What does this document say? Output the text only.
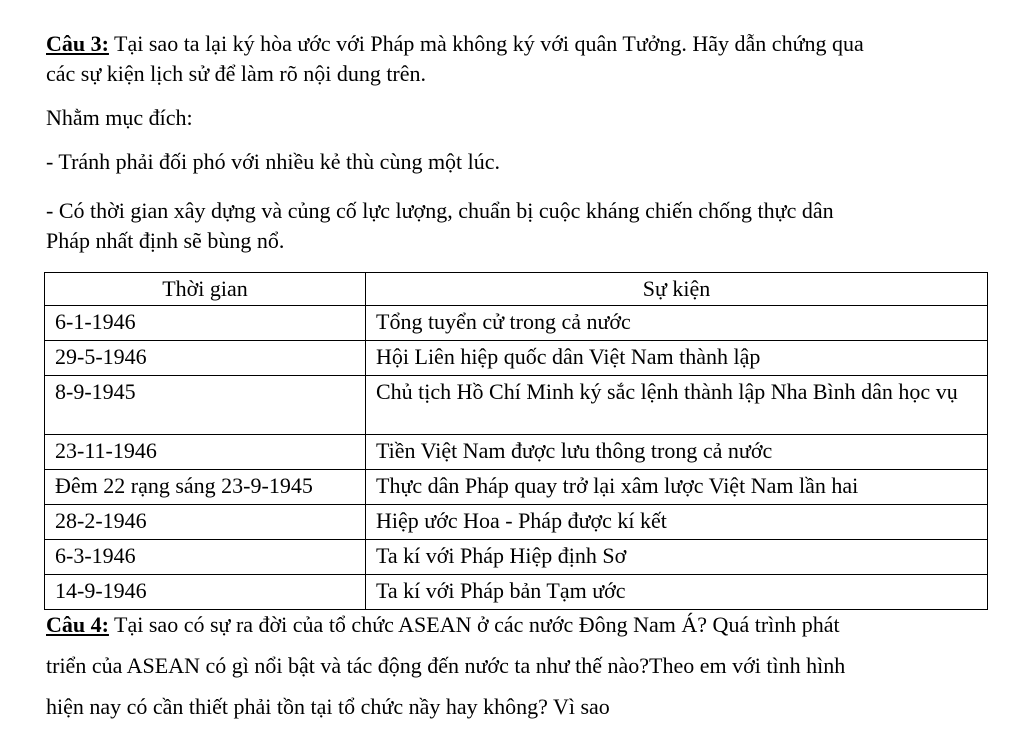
Câu 3: Tại sao ta lại ký hòa ước với Pháp mà không ký với quân Tưởng. Hãy dẫn chứng qua
các sự kiện lịch sử để làm rõ nội dung trên.
Nhằm mục đích:
- Tránh phải đối phó với nhiều kẻ thù cùng một lúc.
- Có thời gian xây dựng và củng cố lực lượng, chuẩn bị cuộc kháng chiến chống thực dân
Pháp nhất định sẽ bùng nổ.
Thời gian	Sự kiện
6-1-1946	Tổng tuyển cử trong cả nước
29-5-1946	Hội Liên hiệp quốc dân Việt Nam thành lập
8-9-1945	Chủ tịch Hồ Chí Minh ký sắc lệnh thành lập Nha Bình dân học vụ
23-11-1946	Tiền Việt Nam được lưu thông trong cả nước
Đêm 22 rạng sáng 23-9-1945	Thực dân Pháp quay trở lại xâm lược Việt Nam lần hai
28-2-1946	Hiệp ước Hoa - Pháp được kí kết
6-3-1946	Ta kí với Pháp Hiệp định Sơ
14-9-1946	Ta kí với Pháp bản Tạm ước
Câu 4: Tại sao có sự ra đời của tổ chức ASEAN ở các nước Đông Nam Á? Quá trình phát
triển của ASEAN có gì nổi bật và tác động đến nước ta như thế nào?Theo em với tình hình
hiện nay có cần thiết phải tồn tại tổ chức nầy hay không? Vì sao
